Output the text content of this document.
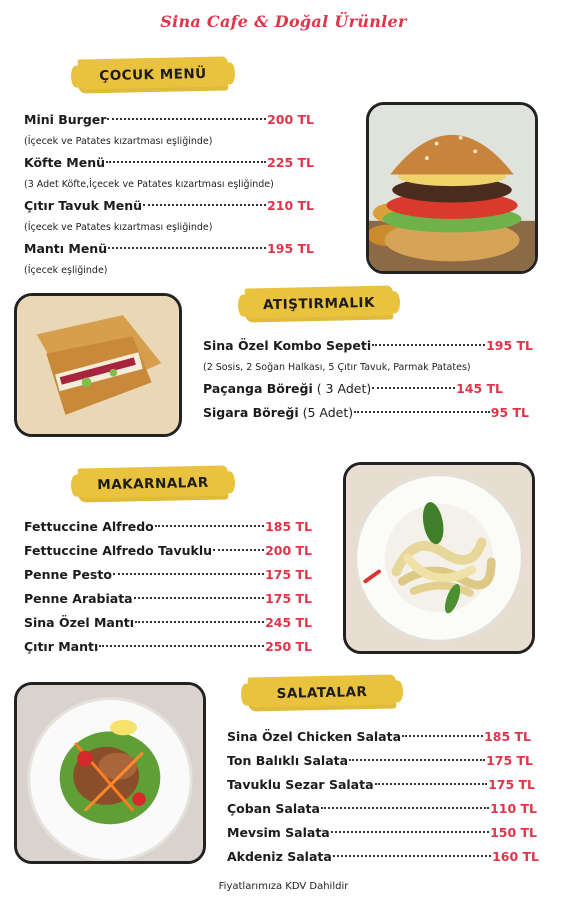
Sina Cafe & Doğal Ürünler
ÇOCUK MENÜ
Mini Burger	200 TL
(İçecek ve Patates kızartması eşliğinde)
Köfte Menü	225 TL
(3 Adet Köfte,İçecek ve Patates kızartması eşliğinde)
Çıtır Tavuk Menü	210 TL
(İçecek ve Patates kızartması eşliğinde)
Mantı Menü	195 TL
(İçecek eşliğinde)
ATIŞTIRMALIK
Sina Özel Kombo Sepeti	195 TL
(2 Sosis, 2 Soğan Halkası, 5 Çıtır Tavuk, Parmak Patates)
Paçanga Böreği ( 3 Adet)	145 TL
Sigara Böreği (5 Adet)	95 TL
MAKARNALAR
Fettuccine Alfredo	185 TL
Fettuccine Alfredo Tavuklu	200 TL
Penne Pesto	175 TL
Penne Arabiata	175 TL
Sina Özel Mantı	245 TL
Çıtır Mantı	250 TL
SALATALAR
Sina Özel Chicken Salata	185 TL
Ton Balıklı Salata	175 TL
Tavuklu Sezar Salata	175 TL
Çoban Salata	110 TL
Mevsim Salata	150 TL
Akdeniz Salata	160 TL
Fiyatlarımıza KDV Dahildir
